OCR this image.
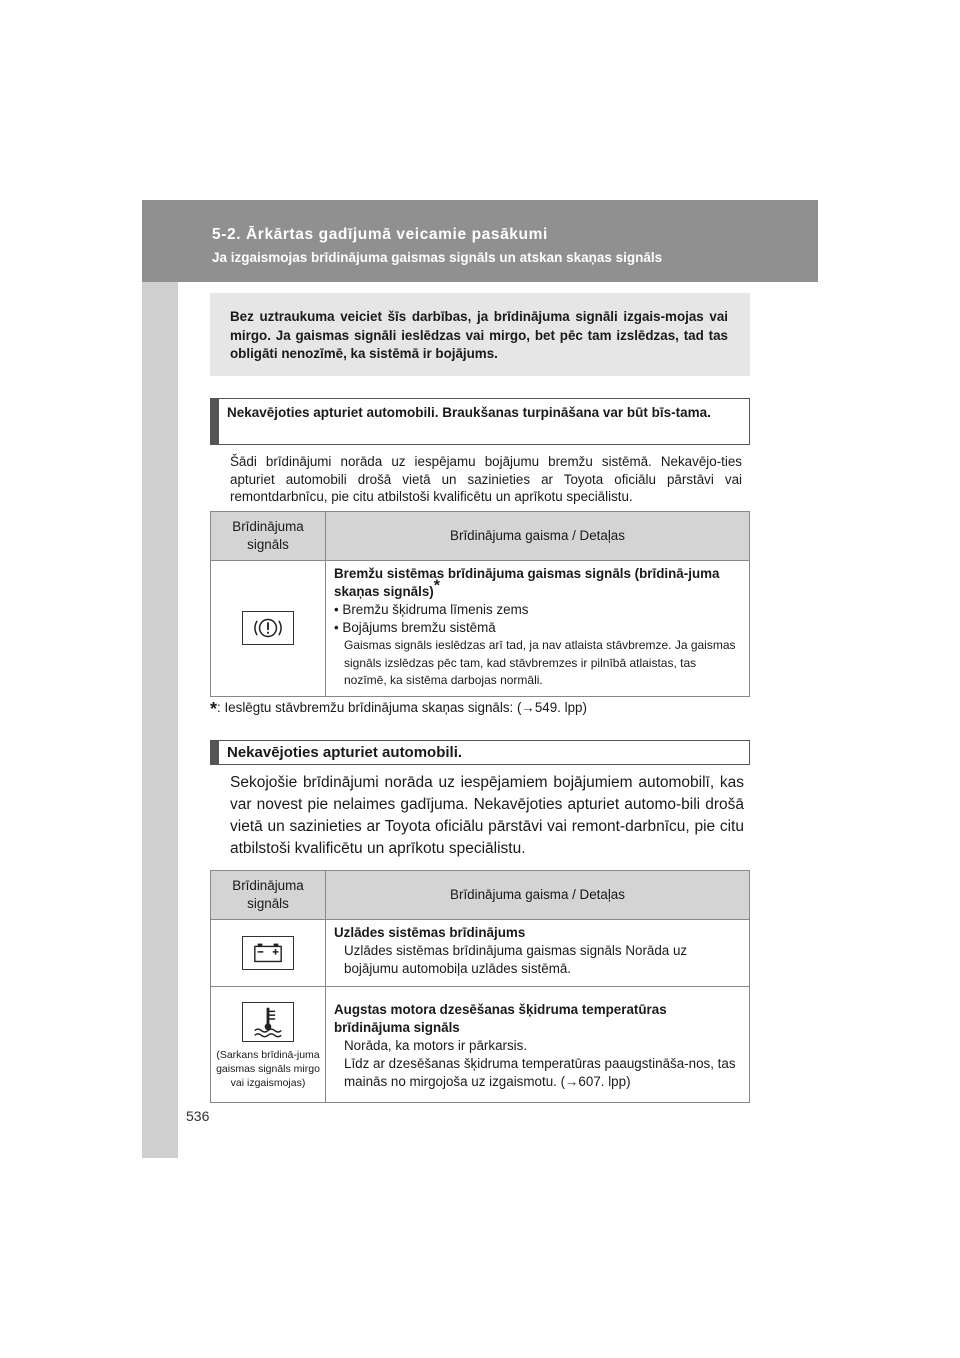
5-2. Ārkārtas gadījumā veicamie pasākumi
Ja izgaismojas brīdinājuma gaismas signāls un atskan skaņas signāls
Bez uztraukuma veiciet šīs darbības, ja brīdinājuma signāli izgais-mojas vai mirgo. Ja gaismas signāli ieslēdzas vai mirgo, bet pēc tam izslēdzas, tad tas obligāti nenozīmē, ka sistēmā ir bojājums.
Nekavējoties apturiet automobili. Braukšanas turpināšana var būt bīs-tama.
Šādi brīdinājumi norāda uz iespējamu bojājumu bremžu sistēmā. Nekavējo-ties apturiet automobili drošā vietā un sazinieties ar Toyota oficiālu pārstāvi vai remontdarbnīcu, pie citu atbilstoši kvalificētu un aprīkotu speciālistu.
Brīdinājuma signāls	Brīdinājuma gaisma / Detaļas

Bremžu sistēmas brīdinājuma gaismas signāls (brīdinā-juma skaņas signāls)*
• Bremžu šķidruma līmenis zems
• Bojājums bremžu sistēmā
Gaismas signāls ieslēdzas arī tad, ja nav atlaista stāvbremze. Ja gaismas signāls izslēdzas pēc tam, kad stāvbremzes ir pilnībā atlaistas, tas nozīmē, ka sistēma darbojas normāli.
*: Ieslēgtu stāvbremžu brīdinājuma skaņas signāls: (→549. lpp)
Nekavējoties apturiet automobili.
Sekojošie brīdinājumi norāda uz iespējamiem bojājumiem automobilī, kas var novest pie nelaimes gadījuma. Nekavējoties apturiet automo-bili drošā vietā un sazinieties ar Toyota oficiālu pārstāvi vai remont-darbnīcu, pie citu atbilstoši kvalificētu un aprīkotu speciālistu.
Brīdinājuma signāls	Brīdinājuma gaisma / Detaļas

Uzlādes sistēmas brīdinājums
Uzlādes sistēmas brīdinājuma gaismas signāls Norāda uz bojājumu automobiļa uzlādes sistēmā.

(Sarkans brīdinā-juma gaismas signāls mirgo vai izgaismojas)	Augstas motora dzesēšanas šķidruma temperatūras brīdinājuma signāls
Norāda, ka motors ir pārkarsis.
Līdz ar dzesēšanas šķidruma temperatūras paaugstināša-nos, tas mainās no mirgojoša uz izgaismotu. (→607. lpp)
536
